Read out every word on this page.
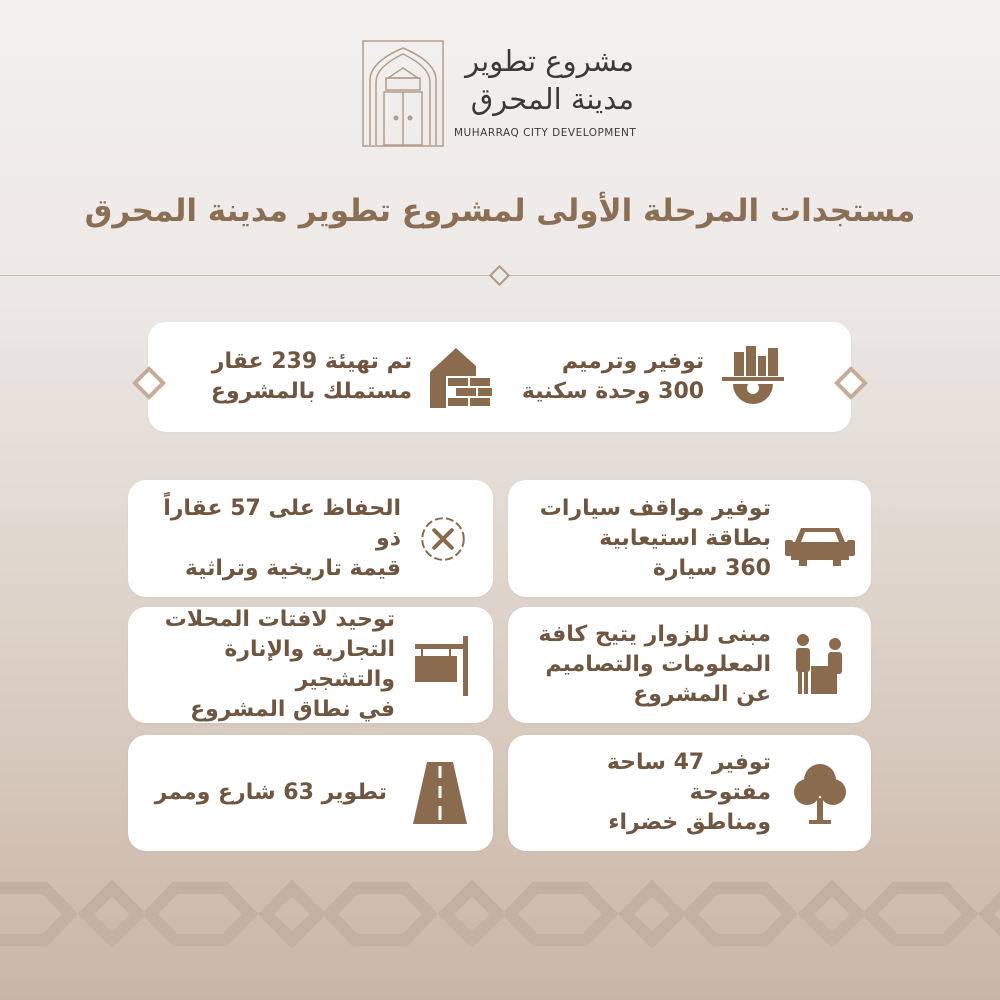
مشروع تطوير
مدينة المحرق
MUHARRAQ CITY DEVELOPMENT
مستجدات المرحلة الأولى لمشروع تطوير مدينة المحرق
توفير وترميم
300 وحدة سكنية
تم تهيئة 239 عقار
مستملك بالمشروع
توفير مواقف سيارات
بطاقة استيعابية
360 سيارة
الحفاظ على 57 عقاراً ذو
قيمة تاريخية وتراثية
مبنى للزوار يتيح كافة
المعلومات والتصاميم
عن المشروع
توحيد لافتات المحلات
التجارية والإنارة والتشجير
في نطاق المشروع
توفير 47 ساحة مفتوحة
ومناطق خضراء
تطوير 63 شارع وممر
